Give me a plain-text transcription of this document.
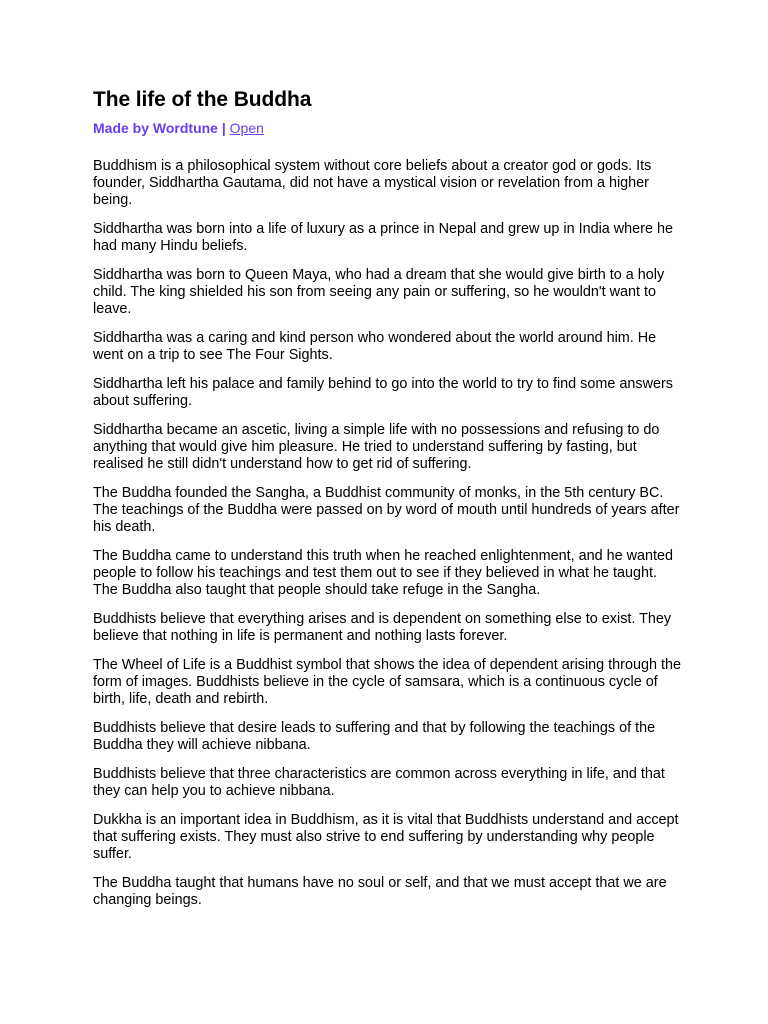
The life of the Buddha
Made by Wordtune | Open

Buddhism is a philosophical system without core beliefs about a creator god or gods. Its founder, Siddhartha Gautama, did not have a mystical vision or revelation from a higher being.

Siddhartha was born into a life of luxury as a prince in Nepal and grew up in India where he had many Hindu beliefs.

Siddhartha was born to Queen Maya, who had a dream that she would give birth to a holy child. The king shielded his son from seeing any pain or suffering, so he wouldn't want to leave.

Siddhartha was a caring and kind person who wondered about the world around him. He went on a trip to see The Four Sights.

Siddhartha left his palace and family behind to go into the world to try to find some answers about suffering.

Siddhartha became an ascetic, living a simple life with no possessions and refusing to do anything that would give him pleasure. He tried to understand suffering by fasting, but realised he still didn't understand how to get rid of suffering.

The Buddha founded the Sangha, a Buddhist community of monks, in the 5th century BC. The teachings of the Buddha were passed on by word of mouth until hundreds of years after his death.

The Buddha came to understand this truth when he reached enlightenment, and he wanted people to follow his teachings and test them out to see if they believed in what he taught. The Buddha also taught that people should take refuge in the Sangha.

Buddhists believe that everything arises and is dependent on something else to exist. They believe that nothing in life is permanent and nothing lasts forever.

The Wheel of Life is a Buddhist symbol that shows the idea of dependent arising through the form of images. Buddhists believe in the cycle of samsara, which is a continuous cycle of birth, life, death and rebirth.

Buddhists believe that desire leads to suffering and that by following the teachings of the Buddha they will achieve nibbana.

Buddhists believe that three characteristics are common across everything in life, and that they can help you to achieve nibbana.

Dukkha is an important idea in Buddhism, as it is vital that Buddhists understand and accept that suffering exists. They must also strive to end suffering by understanding why people suffer.

The Buddha taught that humans have no soul or self, and that we must accept that we are changing beings.
